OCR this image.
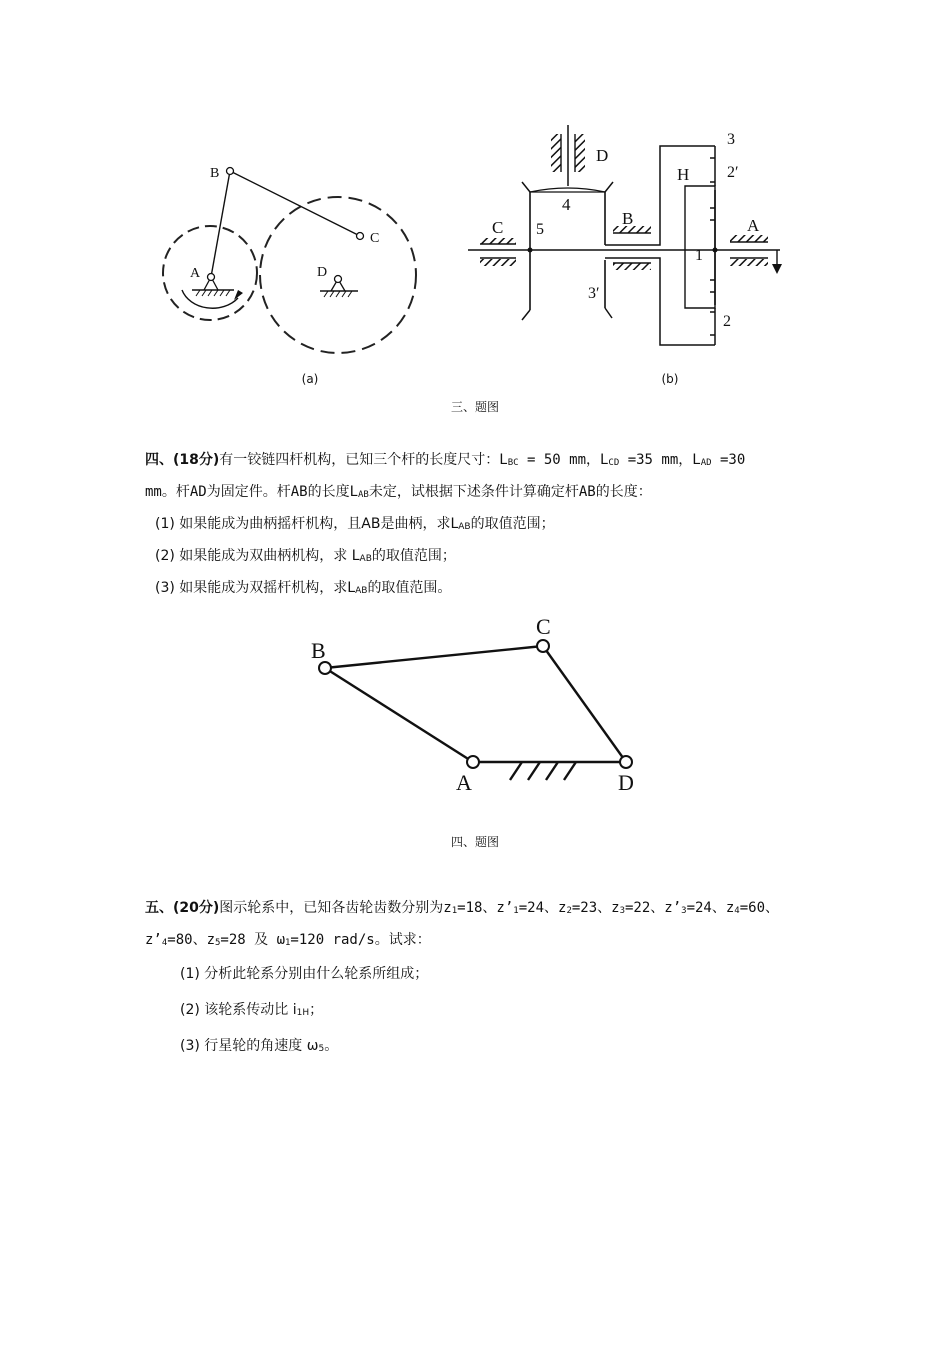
B
C
A	D
(a)
D
4
C 5
B
3′
H
3
2′
1
A
2
(b)
三、题图
四、(18分)有一铰链四杆机构，已知三个杆的长度尺寸：$L_{BC} = 50$ mm，$L_{CD} =35$ mm，$L_{AD} =30$
mm。杆AD为固定件。杆AB的长度$L_{AB}$未定，试根据下述条件计算确定杆AB的长度：
(1) 如果能成为曲柄摇杆机构，且AB是曲柄，求$L_{AB}$的取值范围；
(2) 如果能成为双曲柄机构，求 $L_{AB}$的取值范围；
(3) 如果能成为双摇杆机构，求$L_{AB}$的取值范围。
B
C
A	D
四、题图
五、(20分)图示轮系中，已知各齿轮齿数分别为$z_1=18$、$z’_1=24$、$z_2=23$、$z_3=22$、$z’_3=24$、$z_4=60$、
$z’_4=80$、$z_5=28$ 及 $\omega_1=120$ rad/s。试求：
(1) 分析此轮系分别由什么轮系所组成；
(2) 该轮系传动比 $i_{1H}$；
(3) 行星轮的角速度 $\omega_5$。
